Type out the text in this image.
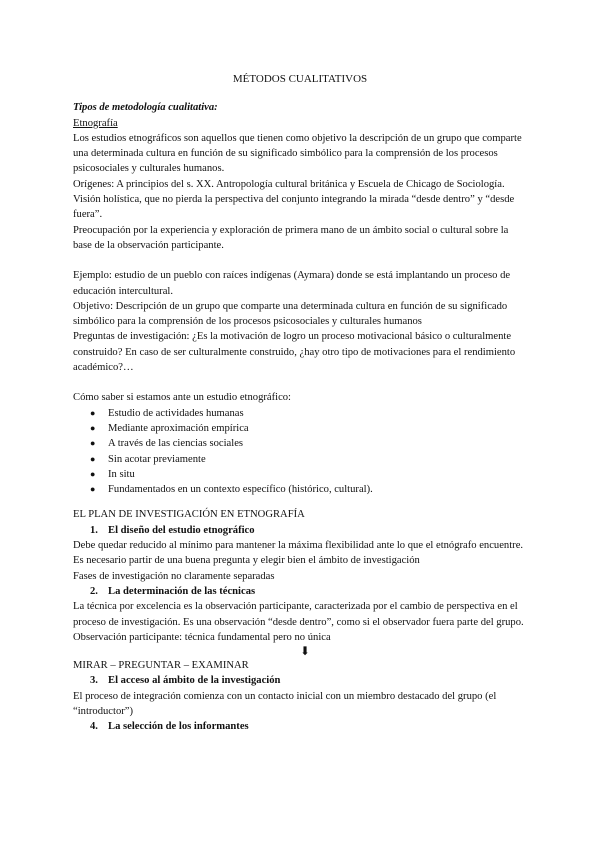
MÉTODOS CUALITATIVOS

Tipos de metodología cualitativa:

Etnografía

Los estudios etnográficos son aquellos que tienen como objetivo la descripción de un grupo que comparte una determinada cultura en función de su significado simbólico para la comprensión de los procesos psicosociales y culturales humanos.

Orígenes: A principios del s. XX. Antropología cultural británica y Escuela de Chicago de Sociología.

Visión holística, que no pierda la perspectiva del conjunto integrando la mirada “desde dentro” y “desde fuera”.

Preocupación por la experiencia y exploración de primera mano de un ámbito social o cultural sobre la base de la observación participante.

Ejemplo: estudio de un pueblo con raíces indígenas (Aymara) donde se está implantando un proceso de educación intercultural.

Objetivo: Descripción de un grupo que comparte una determinada cultura en función de su significado simbólico para la comprensión de los procesos psicosociales y culturales humanos

Preguntas de investigación: ¿Es la motivación de logro un proceso motivacional básico o culturalmente construido? En caso de ser culturalmente construido, ¿hay otro tipo de motivaciones para el rendimiento académico?…

Cómo saber si estamos ante un estudio etnográfico:

● Estudio de actividades humanas
● Mediante aproximación empírica
● A través de las ciencias sociales
● Sin acotar previamente
● In situ
● Fundamentados en un contexto específico (histórico, cultural).

EL PLAN DE INVESTIGACIÓN EN ETNOGRAFÍA

1. El diseño del estudio etnográfico

Debe quedar reducido al mínimo para mantener la máxima flexibilidad ante lo que el etnógrafo encuentre.

Es necesario partir de una buena pregunta y elegir bien el ámbito de investigación

Fases de investigación no claramente separadas

2. La determinación de las técnicas

La técnica por excelencia es la observación participante, caracterizada por el cambio de perspectiva en el proceso de investigación. Es una observación “desde dentro”, como si el observador fuera parte del grupo.

Observación participante: técnica fundamental pero no única

⬇

MIRAR – PREGUNTAR – EXAMINAR

3. El acceso al ámbito de la investigación

El proceso de integración comienza con un contacto inicial con un miembro destacado del grupo (el “introductor”)

4. La selección de los informantes
